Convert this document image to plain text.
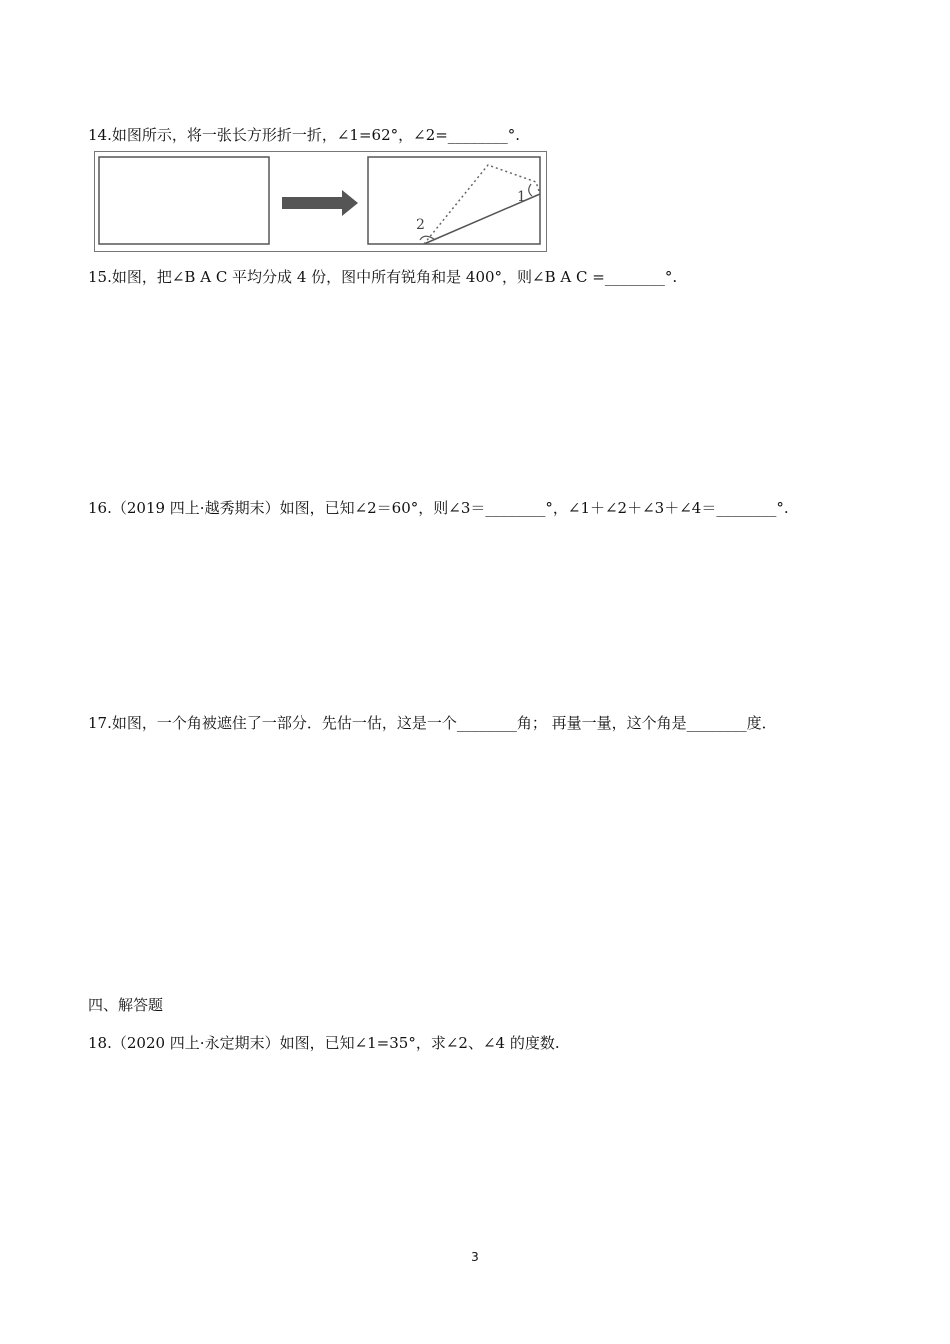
14.如图所示，将一张长方形折一折，∠1=62°，∠2=________°.
1
2
15.如图，把∠B A C 平均分成 4 份，图中所有锐角和是 400°，则∠B A C =________°.
16.（2019 四上·越秀期末）如图，已知∠2＝60°，则∠3＝________°，∠1＋∠2＋∠3＋∠4＝________°.
17.如图，一个角被遮住了一部分．先估一估，这是一个________角； 再量一量，这个角是________度．
四、解答题
18.（2020 四上·永定期末）如图，已知∠1=35°，求∠2、∠4 的度数.
3
